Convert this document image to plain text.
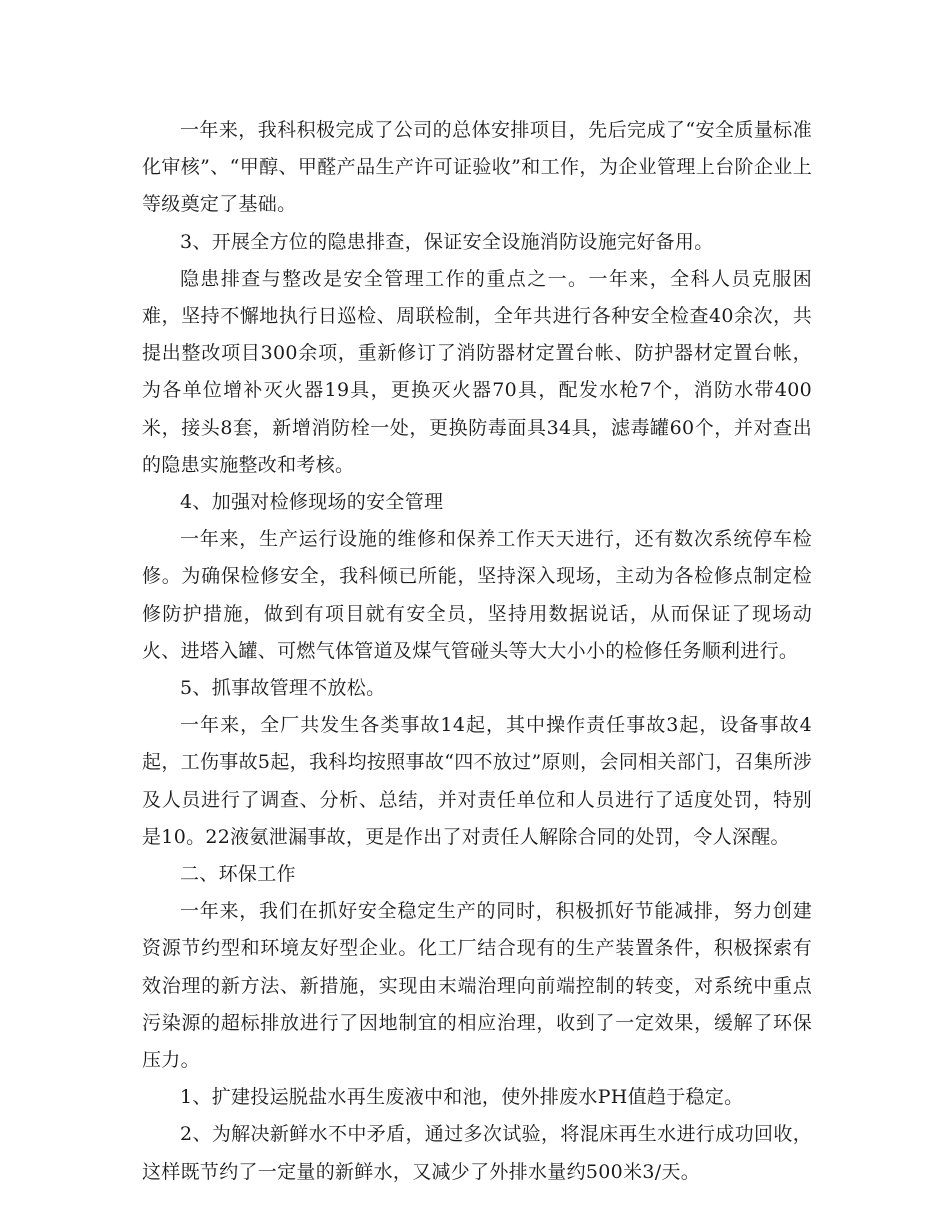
一年来，我科积极完成了公司的总体安排项目，先后完成了“安全质量标准化审核”、“甲醇、甲醛产品生产许可证验收”和工作，为企业管理上台阶企业上等级奠定了基础。

3、开展全方位的隐患排查，保证安全设施消防设施完好备用。

隐患排查与整改是安全管理工作的重点之一。一年来，全科人员克服困难，坚持不懈地执行日巡检、周联检制，全年共进行各种安全检查40余次，共提出整改项目300余项，重新修订了消防器材定置台帐、防护器材定置台帐，为各单位增补灭火器19具，更换灭火器70具，配发水枪7个，消防水带400米，接头8套，新增消防栓一处，更换防毒面具34具，滤毒罐60个，并对查出的隐患实施整改和考核。

4、加强对检修现场的安全管理

一年来，生产运行设施的维修和保养工作天天进行，还有数次系统停车检修。为确保检修安全，我科倾已所能，坚持深入现场，主动为各检修点制定检修防护措施，做到有项目就有安全员，坚持用数据说话，从而保证了现场动火、进塔入罐、可燃气体管道及煤气管碰头等大大小小的检修任务顺利进行。

5、抓事故管理不放松。

一年来，全厂共发生各类事故14起，其中操作责任事故3起，设备事故4起，工伤事故5起，我科均按照事故“四不放过”原则，会同相关部门，召集所涉及人员进行了调查、分析、总结，并对责任单位和人员进行了适度处罚，特别是10。22液氨泄漏事故，更是作出了对责任人解除合同的处罚，令人深醒。

二、环保工作

一年来，我们在抓好安全稳定生产的同时，积极抓好节能减排，努力创建资源节约型和环境友好型企业。化工厂结合现有的生产装置条件，积极探索有效治理的新方法、新措施，实现由末端治理向前端控制的转变，对系统中重点污染源的超标排放进行了因地制宜的相应治理，收到了一定效果，缓解了环保压力。

1、扩建投运脱盐水再生废液中和池，使外排废水PH值趋于稳定。

2、为解决新鲜水不中矛盾，通过多次试验，将混床再生水进行成功回收，这样既节约了一定量的新鲜水，又减少了外排水量约500米3/天。
